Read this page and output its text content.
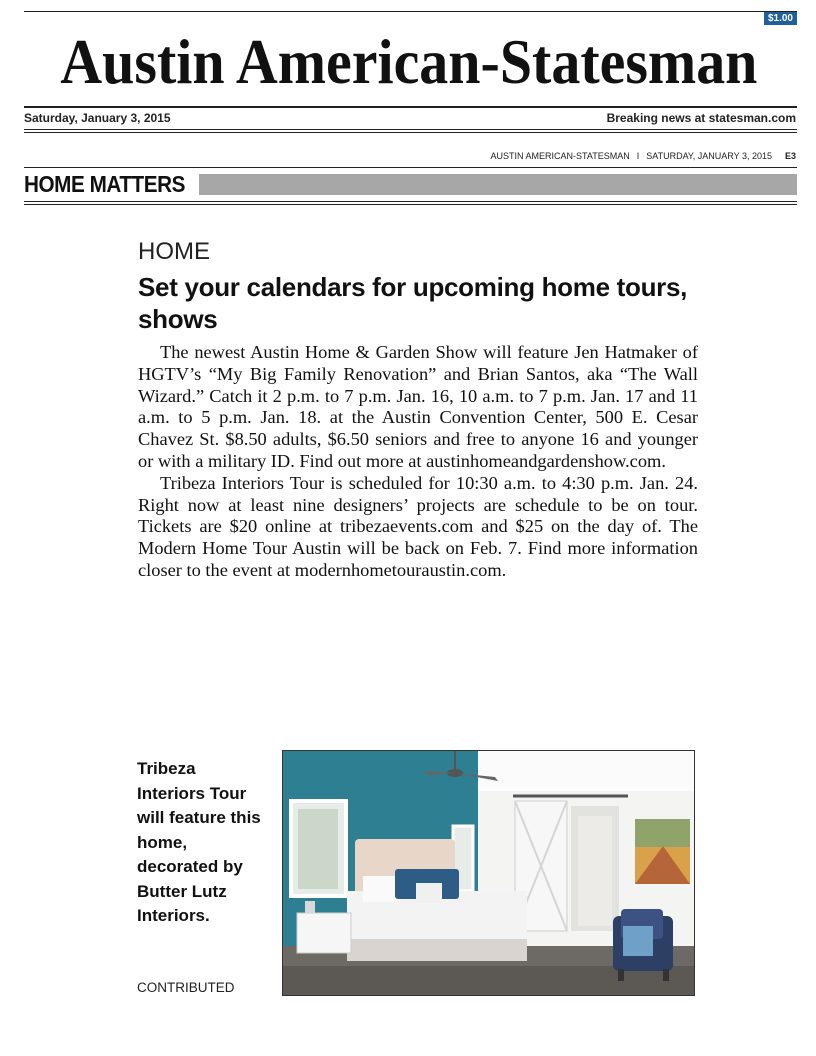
$1.00
Austin American-Statesman
Saturday, January 3, 2015	Breaking news at statesman.com
AUSTIN AMERICAN-STATESMAN I SATURDAY, JANUARY 3, 2015 E3
HOME MATTERS
HOME
Set your calendars for upcoming home tours, shows

The newest Austin Home & Garden Show will feature Jen Hatmaker of HGTV’s “My Big Family Renovation” and Brian Santos, aka “The Wall Wizard.” Catch it 2 p.m. to 7 p.m. Jan. 16, 10 a.m. to 7 p.m. Jan. 17 and 11 a.m. to 5 p.m. Jan. 18. at the Austin Convention Center, 500 E. Cesar Chavez St. $8.50 adults, $6.50 seniors and free to anyone 16 and younger or with a military ID. Find out more at austinhomeandgardenshow.com.

Tribeza Interiors Tour is scheduled for 10:30 a.m. to 4:30 p.m. Jan. 24. Right now at least nine designers’ projects are schedule to be on tour. Tickets are $20 online at tribezaevents.com and $25 on the day of. The Modern Home Tour Austin will be back on Feb. 7. Find more information closer to the event at modernhometouraustin.com.

Tribeza Interiors Tour will feature this home, decorated by Butter Lutz Interiors.
CONTRIBUTED
